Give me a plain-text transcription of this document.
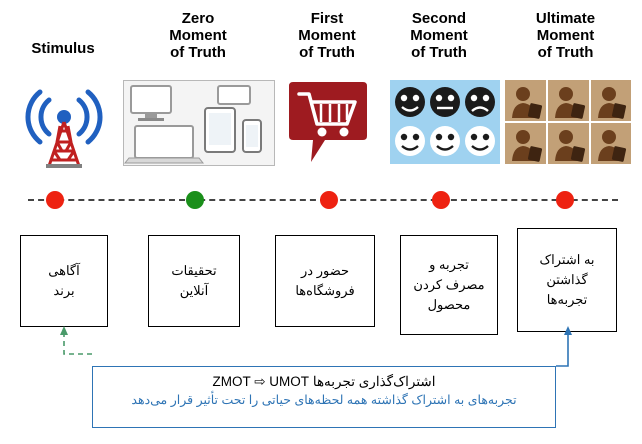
Stimulus
Zero
Moment
of Truth
First
Moment
of Truth
Second
Moment
of Truth
Ultimate
Moment
of Truth
آگاهی
برند
تحقیقات
آنلاین
حضور در
فروشگاه‌ها
تجربه و
مصرف کردن
محصول
به اشتراک
گذاشتن
تجربه‌ها
اشتراک‌گذاری تجربه‌ها ZMOT ⇨ UMOT
تجربه‌های به اشتراک گذاشته همه لحظه‌های حیاتی را تحت تأثیر قرار می‌دهد
